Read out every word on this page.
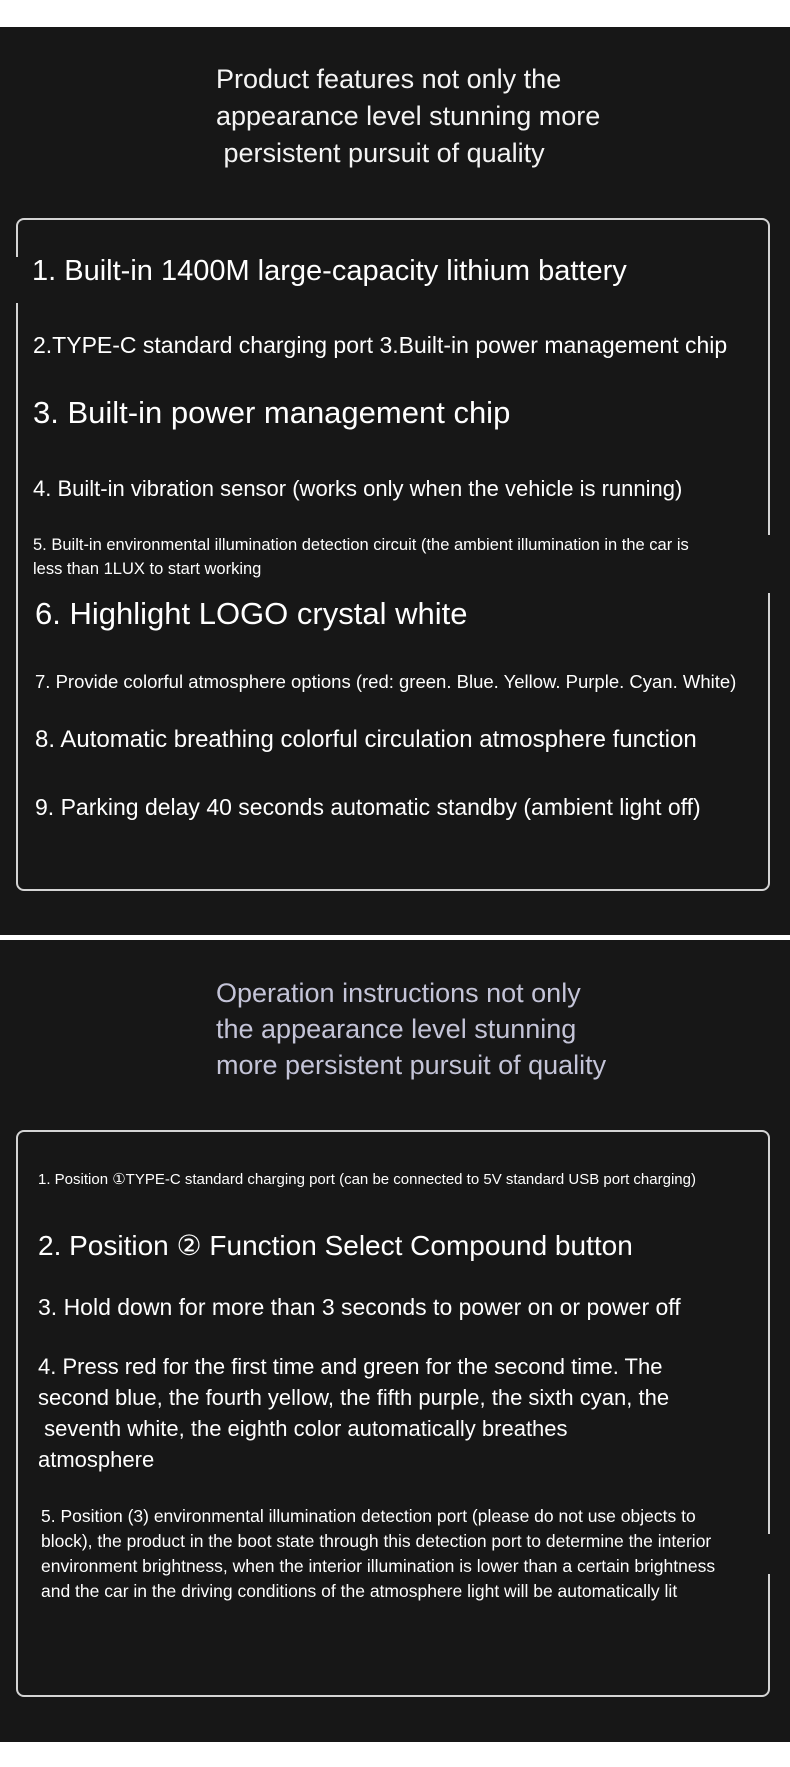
Product features not only the
appearance level stunning more
persistent pursuit of quality
1. Built-in 1400M large-capacity lithium battery
2.TYPE-C standard charging port 3.Built-in power management chip
3. Built-in power management chip
4. Built-in vibration sensor (works only when the vehicle is running)
5. Built-in environmental illumination detection circuit (the ambient illumination in the car is
less than 1LUX to start working
6. Highlight LOGO crystal white
7. Provide colorful atmosphere options (red: green. Blue. Yellow. Purple. Cyan. White)
8. Automatic breathing colorful circulation atmosphere function
9. Parking delay 40 seconds automatic standby (ambient light off)
Operation instructions not only
the appearance level stunning
more persistent pursuit of quality
1. Position ①TYPE-C standard charging port (can be connected to 5V standard USB port charging)
2. Position ② Function Select Compound button
3. Hold down for more than 3 seconds to power on or power off
4. Press red for the first time and green for the second time. The
second blue, the fourth yellow, the fifth purple, the sixth cyan, the
seventh white, the eighth color automatically breathes
atmosphere
5. Position (3) environmental illumination detection port (please do not use objects to
block), the product in the boot state through this detection port to determine the interior
environment brightness, when the interior illumination is lower than a certain brightness
and the car in the driving conditions of the atmosphere light will be automatically lit
